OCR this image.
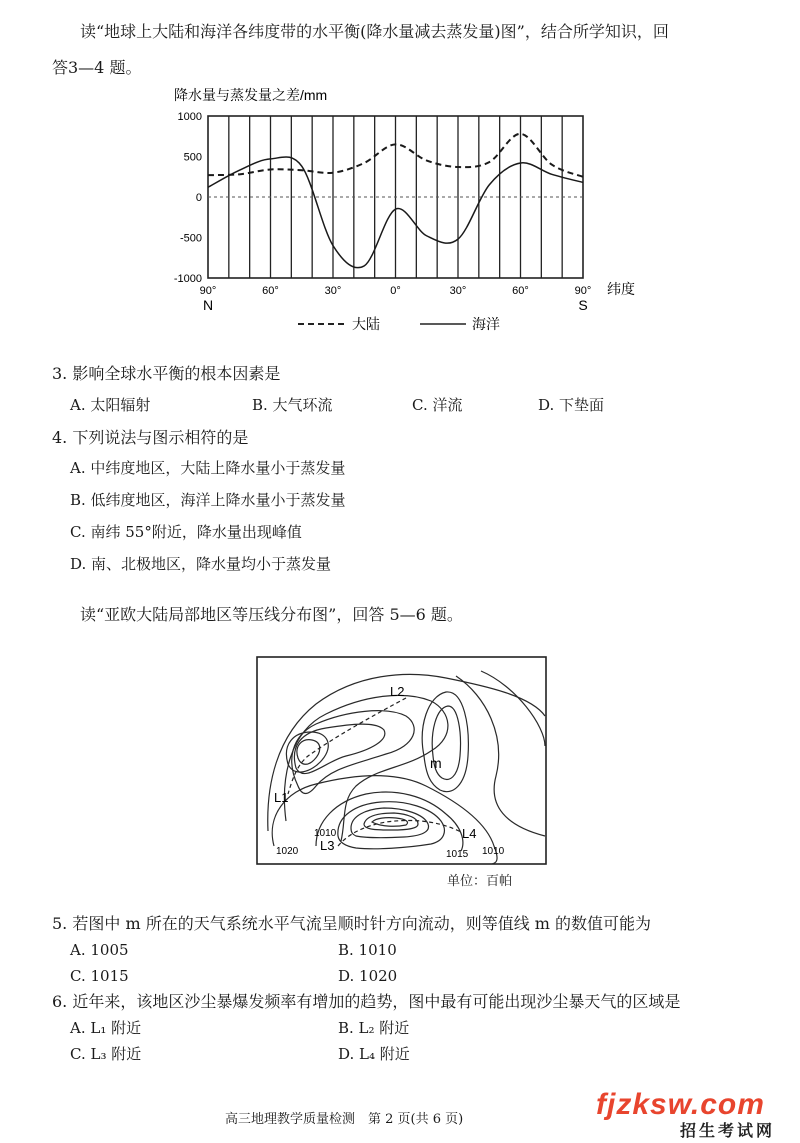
读“地球上大陆和海洋各纬度带的水平衡(降水量减去蒸发量)图”，结合所学知识，回
答3—4 题。
降水量与蒸发量之差/mm
1000
500
0
-500
-1000
90°	60°	30°	0°	30°	60°	90° 纬度
N	S
大陆	海洋
3. 影响全球水平衡的根本因素是
A. 太阳辐射	B. 大气环流	C. 洋流	D. 下垫面
4. 下列说法与图示相符的是
A. 中纬度地区，大陆上降水量小于蒸发量
B. 低纬度地区，海洋上降水量小于蒸发量
C. 南纬 55°附近，降水量出现峰值
D. 南、北极地区，降水量均小于蒸发量
读“亚欧大陆局部地区等压线分布图”，回答 5—6 题。
L2
L1
L3
L4
m
1020
1010
1015 1010
单位：百帕
5. 若图中 m 所在的天气系统水平气流呈顺时针方向流动，则等值线 m 的数值可能为
A. 1005	B. 1010
C. 1015	D. 1020
6. 近年来，该地区沙尘暴爆发频率有增加的趋势，图中最有可能出现沙尘暴天气的区域是
A. L₁ 附近	B. L₂ 附近
C. L₃ 附近	D. L₄ 附近
高三地理教学质量检测　第 2 页(共 6 页)	fjzksw.com
招生考试网
